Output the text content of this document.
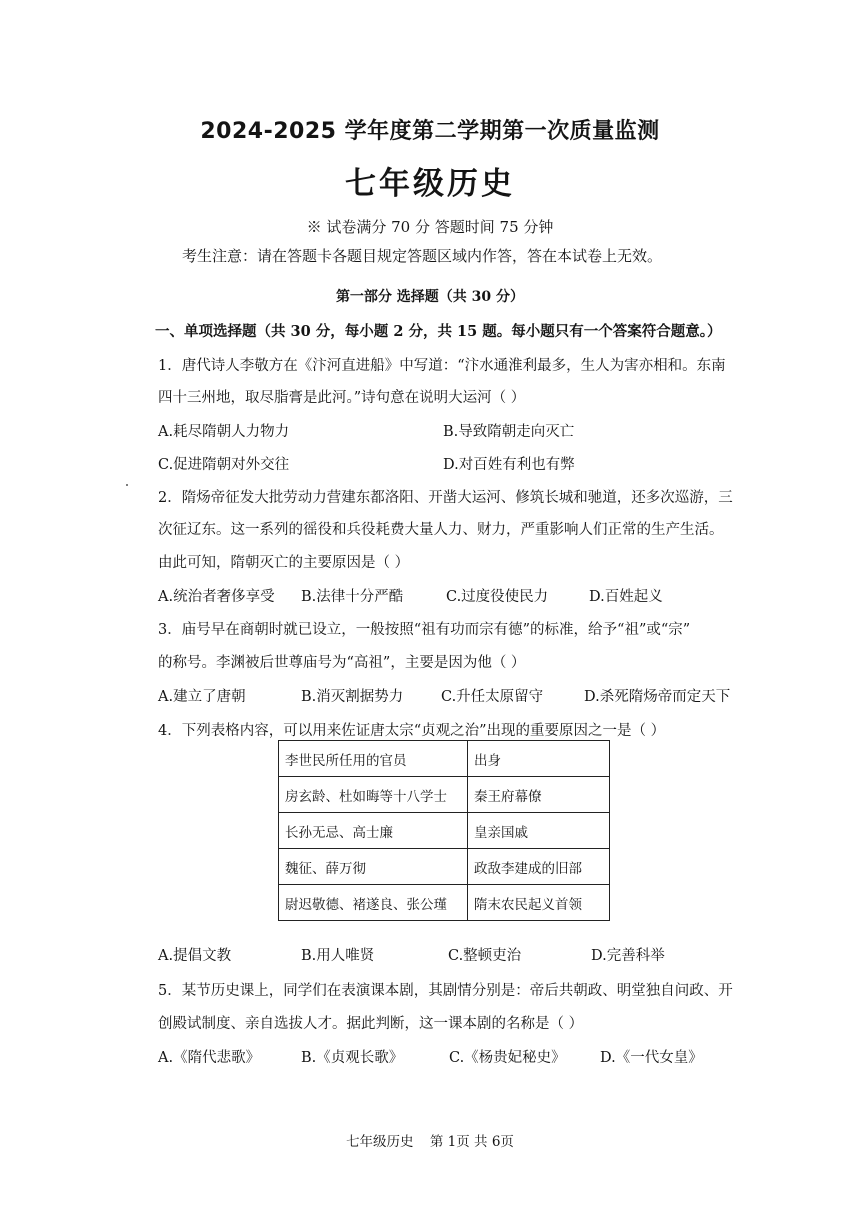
2024-2025 学年度第二学期第一次质量监测
七年级历史
※ 试卷满分 70 分 答题时间 75 分钟
考生注意：请在答题卡各题目规定答题区域内作答，答在本试卷上无效。
第一部分 选择题（共 30 分）
一、单项选择题（共 30 分，每小题 2 分，共 15 题。每小题只有一个答案符合题意。）
1．唐代诗人李敬方在《汴河直进船》中写道：“汴水通淮利最多，生人为害亦相和。东南
四十三州地，取尽脂膏是此河。”诗句意在说明大运河（ ）
A.耗尽隋朝人力物力	B.导致隋朝走向灭亡
C.促进隋朝对外交往	D.对百姓有利也有弊
2．隋炀帝征发大批劳动力营建东都洛阳、开凿大运河、修筑长城和驰道，还多次巡游，三
次征辽东。这一系列的徭役和兵役耗费大量人力、财力，严重影响人们正常的生产生活。
由此可知，隋朝灭亡的主要原因是（ ）
A.统治者奢侈享受 B.法律十分严酷	C.过度役使民力	D.百姓起义
3．庙号早在商朝时就已设立，一般按照“祖有功而宗有德”的标准，给予“祖”或“宗”
的称号。李渊被后世尊庙号为“高祖”，主要是因为他（ ）
A.建立了唐朝	B.消灭割据势力	C.升任太原留守	D.杀死隋炀帝而定天下
4．下列表格内容，可以用来佐证唐太宗“贞观之治”出现的重要原因之一是（ ）
李世民所任用的官员	出身
房玄龄、杜如晦等十八学士	秦王府幕僚
长孙无忌、高士廉	皇亲国戚
魏征、薛万彻	政敌李建成的旧部
尉迟敬德、褚遂良、张公瑾	隋末农民起义首领
A.提倡文教	B.用人唯贤	C.整顿吏治	D.完善科举
5．某节历史课上，同学们在表演课本剧，其剧情分别是：帝后共朝政、明堂独自问政、开
创殿试制度、亲自选拔人才。据此判断，这一课本剧的名称是（ ）
A.《隋代悲歌》	B.《贞观长歌》	C.《杨贵妃秘史》 D.《一代女皇》
七年级历史 第 1页 共 6页
